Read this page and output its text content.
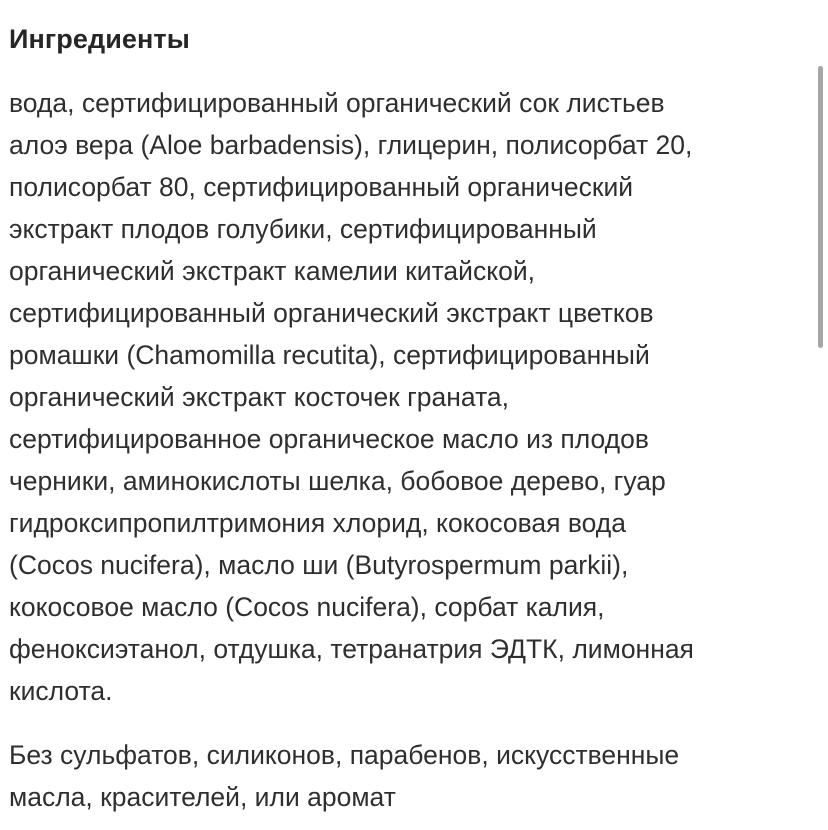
Ингредиенты

вода, сертифицированный органический сок листьев
алоэ вера (Aloe barbadensis), глицерин, полисорбат 20,
полисорбат 80, сертифицированный органический
экстракт плодов голубики, сертифицированный
органический экстракт камелии китайской,
сертифицированный органический экстракт цветков
ромашки (Chamomilla recutita), сертифицированный
органический экстракт косточек граната,
сертифицированное органическое масло из плодов
черники, аминокислоты шелка, бобовое дерево, гуар
гидроксипропилтримония хлорид, кокосовая вода
(Cocos nucifera), масло ши (Butyrospermum parkii),
кокосовое масло (Cocos nucifera), сорбат калия,
феноксиэтанол, отдушка, тетранатрия ЭДТК, лимонная
кислота.

Без сульфатов, силиконов, парабенов, искусственные
масла, красителей, или аромат
